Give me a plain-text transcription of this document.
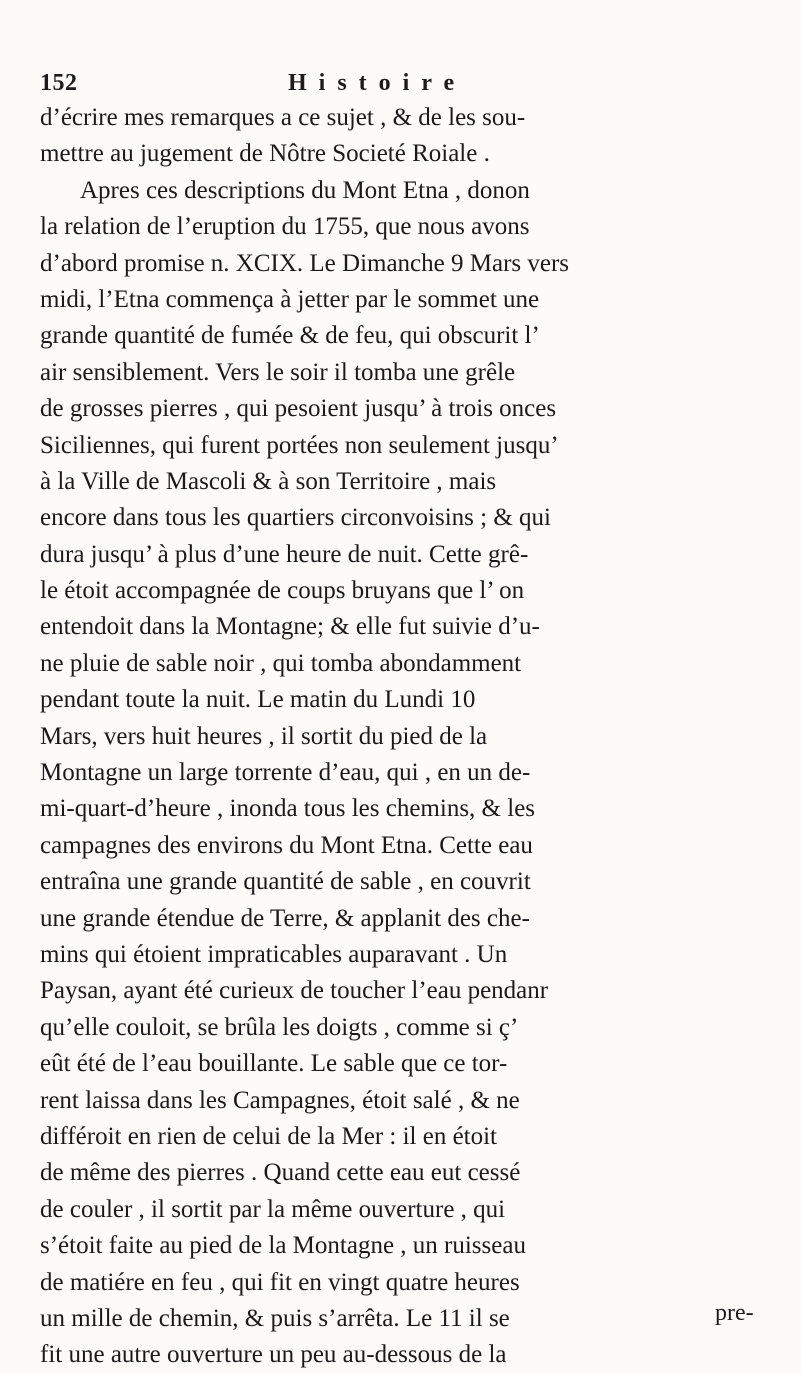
152	Histoire
d’écrire mes remarques a ce sujet , & de les sou-
mettre au jugement de Nôtre Societé Roiale .
Apres ces descriptions du Mont Etna , donon
la relation de l’eruption du 1755, que nous avons
d’abord promise n. XCIX. Le Dimanche 9 Mars vers
midi, l’Etna commença à jetter par le sommet une
grande quantité de fumée & de feu, qui obscurit l’
air sensiblement. Vers le soir il tomba une grêle
de grosses pierres , qui pesoient jusqu’ à trois onces
Siciliennes, qui furent portées non seulement jusqu’
à la Ville de Mascoli & à son Territoire , mais
encore dans tous les quartiers circonvoisins ; & qui
dura jusqu’ à plus d’une heure de nuit. Cette grê-
le étoit accompagnée de coups bruyans que l’ on
entendoit dans la Montagne; & elle fut suivie d’u-
ne pluie de sable noir , qui tomba abondamment
pendant toute la nuit. Le matin du Lundi 10
Mars, vers huit heures , il sortit du pied de la
Montagne un large torrente d’eau, qui , en un de-
mi-quart-d’heure , inonda tous les chemins, & les
campagnes des environs du Mont Etna. Cette eau
entraîna une grande quantité de sable , en couvrit
une grande étendue de Terre, & applanit des che-
mins qui étoient impraticables auparavant . Un
Paysan, ayant été curieux de toucher l’eau pendanr
qu’elle couloit, se brûla les doigts , comme si ç’
eût été de l’eau bouillante. Le sable que ce tor-
rent laissa dans les Campagnes, étoit salé , & ne
différoit en rien de celui de la Mer : il en étoit
de même des pierres . Quand cette eau eut cessé
de couler , il sortit par la même ouverture , qui
s’étoit faite au pied de la Montagne , un ruisseau
de matiére en feu , qui fit en vingt quatre heures
un mille de chemin, & puis s’arrêta. Le 11 il se
fit une autre ouverture un peu au-dessous de la
pre-
